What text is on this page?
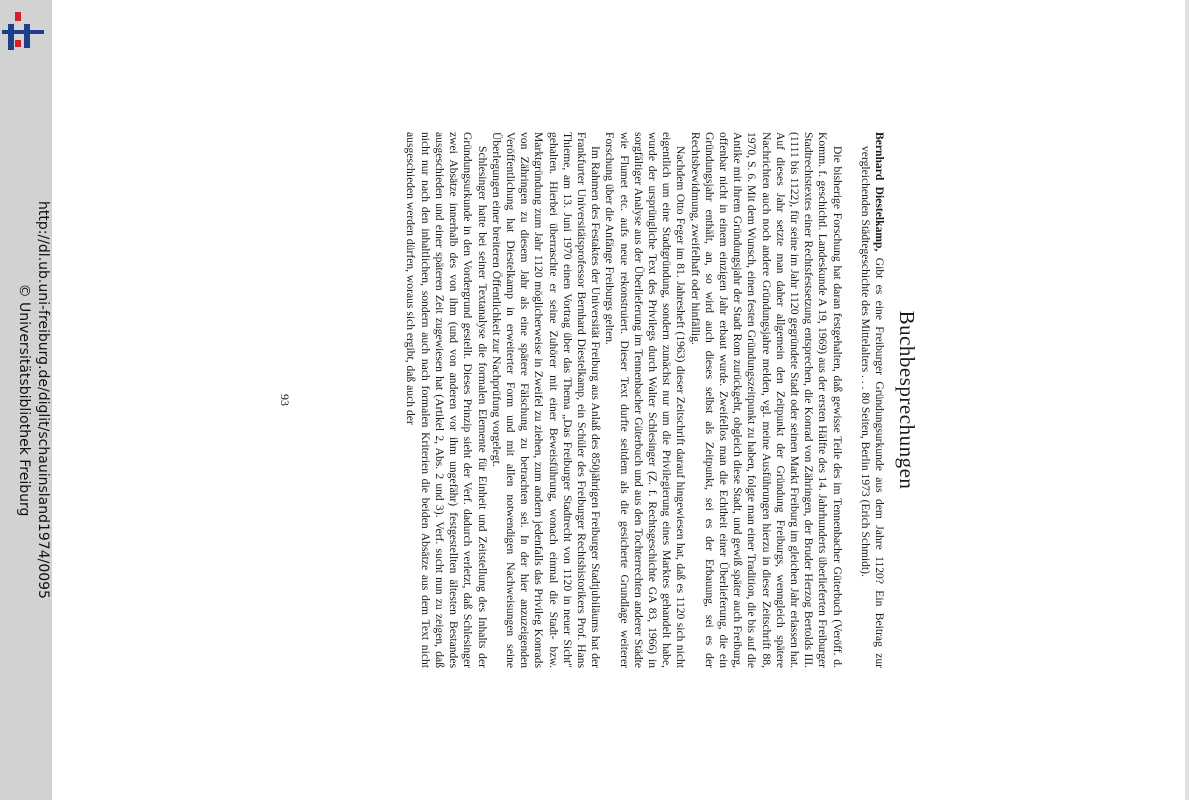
http://dl.ub.uni-freiburg.de/diglit/schauinsland1974/0095
© Universitätsbibliothek Freiburg	Buchbesprechungen

Bernhard Diestelkamp, Gibt es eine Freiburger Gründungsurkunde aus dem Jahre 1120? Ein Beitrag zur vergleichenden Städtegeschichte des Mittelalters . . . 80 Seiten, Berlin 1973 (Erich Schmidt).

Die bisherige Forschung hat daran festgehalten, daß gewisse Teile des im Tennenbacher Güterbuch (Veröff. d. Komm. f. geschichtl. Landeskunde A 19, 1969) aus der ersten Hälfte des 14. Jahrhunderts überlieferten Freiburger Stadtrechtstextes einer Rechtsfestsetzung entsprechen, die Konrad von Zähringen, der Bruder Herzog Bertolds III. (1111 bis 1122), für seine im Jahr 1120 gegründete Stadt oder seinen Markt Freiburg im gleichen Jahr erlassen hat. Auf dieses Jahr setzte man daher allgemein den Zeitpunkt der Gründung Freiburgs, wenngleich spätere Nachrichten auch noch andere Gründungsjahre melden, vgl. meine Ausführungen hierzu in dieser Zeitschrift 88, 1970, S. 6. Mit dem Wunsch, einen festen Gründungszeitpunkt zu haben, folgte man einer Tradition, die bis auf die Antike mit ihrem Gründungsjahr der Stadt Rom zurückgeht, obgleich diese Stadt, und gewiß später auch Freiburg, offenbar nicht in einem einzigen Jahr erbaut wurde. Zweifellos man die Echtheit einer Überlieferung, die ein Gründungsjahr enthält, an, so wird auch dieses selbst als Zeitpunkt, sei es der Erbauung, sei es der Rechtsbewidmung, zweifelhaft oder hinfällig.

Nachdem Otto Feger im 81. Jahresheft (1963) dieser Zeitschrift darauf hingewiesen hat, daß es 1120 sich nicht eigentlich um eine Stadtgründung, sondern zunächst nur um die Privilegierung eines Marktes gehandelt habe, wurde der ursprüngliche Text des Privilegs durch Walter Schlesinger (Z. f. Rechtsgeschichte GA 83, 1966) in sorgfältiger Analyse aus der Überlieferung im Tennenbacher Güterbuch und aus den Tochterrechten anderer Städte wie Flumet etc. aufs neue rekonstruiert. Dieser Text durfte seitdem als die gesicherte Grundlage weiterer Forschung über die Anfänge Freiburgs gelten.

Im Rahmen des Festaktes der Universität Freiburg aus Anlaß des 850jährigen Freiburger Stadtjubiläums hat der Frankfurter Universitätsprofessor Bernhard Diestelkamp, ein Schüler des Freiburger Rechtshistorikers Prof. Hans Thieme, am 13. Juni 1970 einen Vortrag über das Thema „Das Freiburger Stadtrecht von 1120 in neuer Sicht" gehalten. Hierbei überraschte er seine Zuhörer mit einer Beweisführung, wonach einmal die Stadt- bzw. Marktgründung zum Jahr 1120 möglicherweise in Zweifel zu ziehen, zum andern jedenfalls das Privileg Konrads von Zähringen zu diesem Jahr als eine spätere Fälschung zu betrachten sei. In der hier anzuzeigenden Veröffentlichung hat Diestelkamp in erweiterter Form und mit allen notwendigen Nachweisungen seine Überlegungen einer breiteren Öffentlichkeit zur Nachprüfung vorgelegt.

Schlesinger hatte bei seiner Textanalyse die formalen Elemente für Einheit und Zeitstellung des Inhalts der Gründungsurkunde in den Vordergrund gestellt. Dieses Prinzip sieht der Verf. dadurch verletzt, daß Schlesinger zwei Absätze innerhalb des von ihm (und von anderen vor ihm ungefähr) festgestellten ältesten Bestandes ausgeschieden und einer späteren Zeit zugewiesen hat (Artikel 2, Abs. 2 und 3). Verf. sucht nun zu zeigen, daß nicht nur nach den inhaltlichen, sondern auch nach formalen Kriterien die beiden Absätze aus dem Text nicht ausgeschieden werden dürfen, woraus sich ergibt, daß auch der

93
